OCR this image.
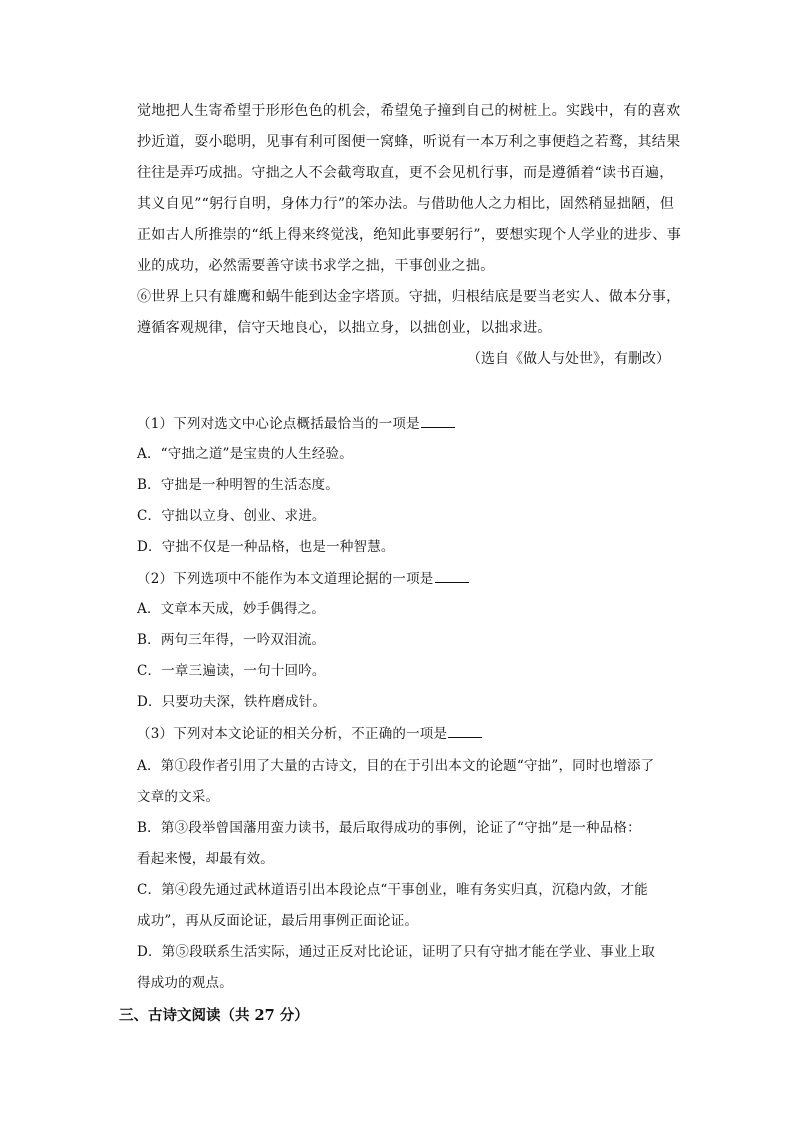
觉地把人生寄希望于形形色色的机会，希望兔子撞到自己的树桩上。实践中，有的喜欢
抄近道，耍小聪明，见事有利可图便一窝蜂，听说有一本万利之事便趋之若鹜，其结果
往往是弄巧成拙。守拙之人不会截弯取直，更不会见机行事，而是遵循着“读书百遍，
其义自见”“躬行自明，身体力行”的笨办法。与借助他人之力相比，固然稍显拙陋，但
正如古人所推崇的“纸上得来终觉浅，绝知此事要躬行”，要想实现个人学业的进步、事
业的成功，必然需要善守读书求学之拙，干事创业之拙。
⑥世界上只有雄鹰和蜗牛能到达金字塔顶。守拙，归根结底是要当老实人、做本分事，
遵循客观规律，信守天地良心，以拙立身，以拙创业，以拙求进。
（选自《做人与处世》，有删改）
（1）下列对选文中心论点概括最恰当的一项是
A．“守拙之道”是宝贵的人生经验。
B．守拙是一种明智的生活态度。
C．守拙以立身、创业、求进。
D．守拙不仅是一种品格，也是一种智慧。
（2）下列选项中不能作为本文道理论据的一项是
A．文章本天成，妙手偶得之。
B．两句三年得，一吟双泪流。
C．一章三遍读，一句十回吟。
D．只要功夫深，铁杵磨成针。
（3）下列对本文论证的相关分析，不正确的一项是
A．第①段作者引用了大量的古诗文，目的在于引出本文的论题“守拙”，同时也增添了
文章的文采。
B．第③段举曾国藩用蛮力读书，最后取得成功的事例，论证了“守拙”是一种品格：
看起来慢，却最有效。
C．第④段先通过武林道语引出本段论点“干事创业，唯有务实归真，沉稳内敛，才能
成功”，再从反面论证，最后用事例正面论证。
D．第⑤段联系生活实际，通过正反对比论证，证明了只有守拙才能在学业、事业上取
得成功的观点。
三、古诗文阅读（共 27 分）
